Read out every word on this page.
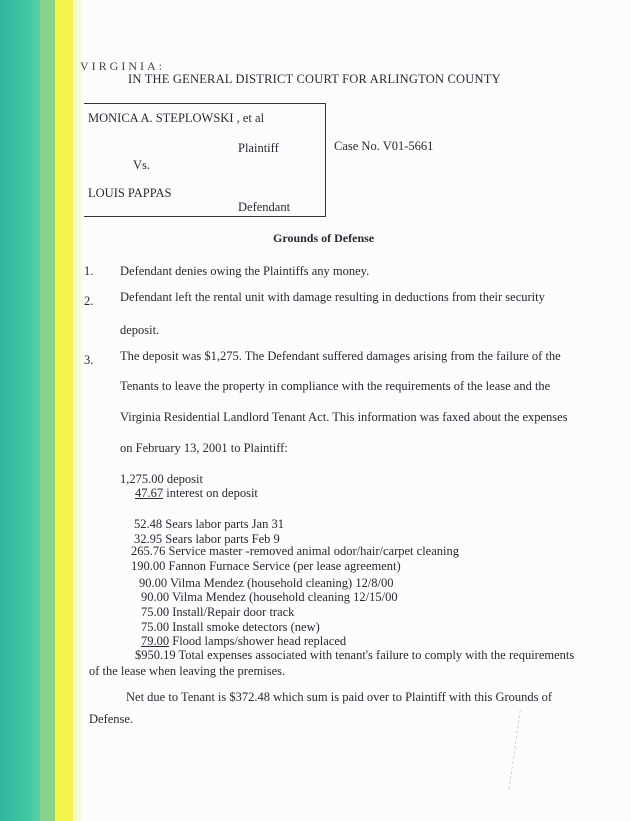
VIRGINIA:
IN THE GENERAL DISTRICT COURT FOR ARLINGTON COUNTY
MONICA A. STEPLOWSKI , et al
Plaintiff	Case No. V01-5661
Vs.
LOUIS PAPPAS
Defendant
Grounds of Defense
1. Defendant denies owing the Plaintiffs any money.
2. Defendant left the rental unit with damage resulting in deductions from their security
deposit.
3. The deposit was $1,275. The Defendant suffered damages arising from the failure of the
Tenants to leave the property in compliance with the requirements of the lease and the
Virginia Residential Landlord Tenant Act. This information was faxed about the expenses
on February 13, 2001 to Plaintiff:
1,275.00 deposit
47.67 interest on deposit
52.48 Sears labor parts Jan 31
32.95 Sears labor parts Feb 9
265.76 Service master -removed animal odor/hair/carpet cleaning
190.00 Fannon Furnace Service (per lease agreement)
90.00 Vilma Mendez (household cleaning) 12/8/00
90.00 Vilma Mendez (household cleaning 12/15/00
75.00 Install/Repair door track
75.00 Install smoke detectors (new)
79.00 Flood lamps/shower head replaced
$950.19 Total expenses associated with tenant's failure to comply with the requirements
of the lease when leaving the premises.
Net due to Tenant is $372.48 which sum is paid over to Plaintiff with this Grounds of
Defense.
